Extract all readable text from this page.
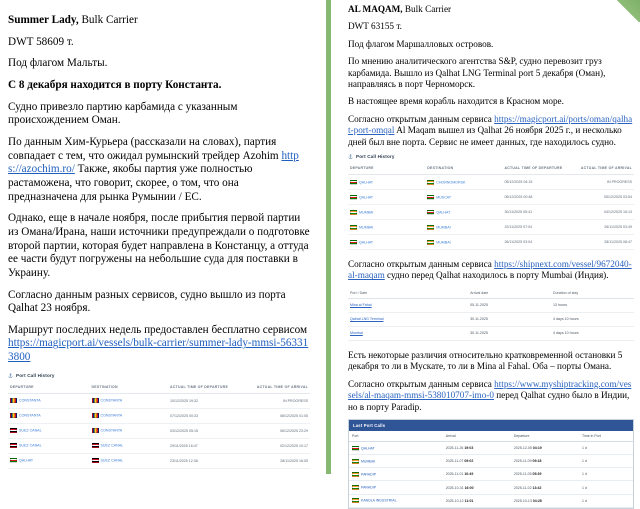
Summer Lady, Bulk Carrier

DWT 58609 т.

Под флагом Мальты.

С 8 декабря находится в порту Константа.

Судно привезло партию карбамида с указанным происхождением Оман.

По данным Хим-Курьера (рассказали на словах), партия совпадает с тем, что ожидал румынский трейдер Azohim https://azochim.ro/ Также, якобы партия уже полностью растаможена, что говорит, скорее, о том, что она предназначена для рынка Румынии / ЕС.

Однако, еще в начале ноября, после прибытия первой партии из Омана/Ирана, наши источники предупреждали о подготовке второй партии, которая будет направлена в Констанцу, а оттуда ее части будут погружены на небольшие суда для поставки в Украину.

Согласно данным разных сервисов, судно вышло из порта Qalhat 23 ноября.

Маршрут последних недель предоставлен бесплатно сервисом https://magicport.ai/vessels/bulk-carrier/summer-lady-mmsi-563313800

Port Call History
DEPARTURE	DESTINATION	ACTUAL TIME OF DEPARTURE	ACTUAL TIME OF ARRIVAL
CONSTANTA	CONSTANTA	10/12/2025 19:32	IN PROGRESS
CONSTANTA	CONSTANTA	07/12/2025 00:33	08/12/2025 01:05
SUEZ CANAL	CONSTANTA	03/12/2025 05:15	06/12/2025 23:29
SUEZ CANAL	SUEZ CANAL	29/11/2025 16:47	02/12/2025 10:17
QALHAT	SUEZ CANAL	23/11/2025 12:38	28/11/2025 16:05

AL MAQAM, Bulk Carrier

DWT 63155 т.

Под флагом Маршалловых островов.

По мнению аналитического агентства S&P, судно перевозит груз карбамида. Вышло из Qalhat LNG Terminal port 5 декабря (Оман), направляясь в порт Черноморск.

В настоящее время корабль находится в Красном море.

Согласно открытым данным сервиса https://magicport.ai/ports/oman/qalhat-port-omqal Al Maqam вышел из Qalhat 26 ноября 2025 г., и несколько дней был вне порта. Сервис не имеет данных, где находилось судно.

Port Call History
DEPARTURE	DESTINATION	ACTUAL TIME OF DEPARTURE	ACTUAL TIME OF ARRIVAL
QALHAT	CHORNOMORSK	05/12/2025 04:15	IN PROGRESS
QALHAT	MUSCAT	05/12/2025 00:48	05/12/2025 03:54
MUMBAI	QALHAT	30/11/2025 05:41	04/12/2025 16:13
MUMBAI	MUMBAI	22/11/2025 07:04	26/11/2025 03:49
QALHAT	MUMBAI	26/11/2025 03:04	28/11/2025 08:47

Согласно открытым данным сервиса https://shipnext.com/vessel/9672040-al-maqam судно перед Qalhat находилось в порту Mumbai (Индия).

Port / Date	Arrival date	Duration of stay
Mina al Fahal	05.11.2025	13 hours
Qalhat LNG Terminal	30.11.2025	4 days 10 hours
Mumbai	30.11.2025	4 days 10 hours

Есть некоторые различия относительно кратковременной остановки 5 декабря то ли в Мускате, то ли в Mina al Fahal. Оба – порты Омана.

Согласно открытым данным сервиса https://www.myshiptracking.com/vessels/al-maqam-mmsi-538010707-imo-0 перед Qalhat судно было в Индии, но в порту Paradip.

Last Port Calls
Port	Arrival	Departure	Time in Port
QALHAT	2025-11-26 19:03	2025-12-05 04:19	1 d
MUMBAI	2025-11-07 09:02	2025-11-09 09:18	1 d
PARADIP	2025-11-01 10:49	2025-11-05 05:39	1 d
PARADIP	2025-10-31 16:00	2025-11-02 13:42	1 d
KANDLA INDUSTRIAL	2025-10-12 11:01	2025-10-13 04:28	1 d
